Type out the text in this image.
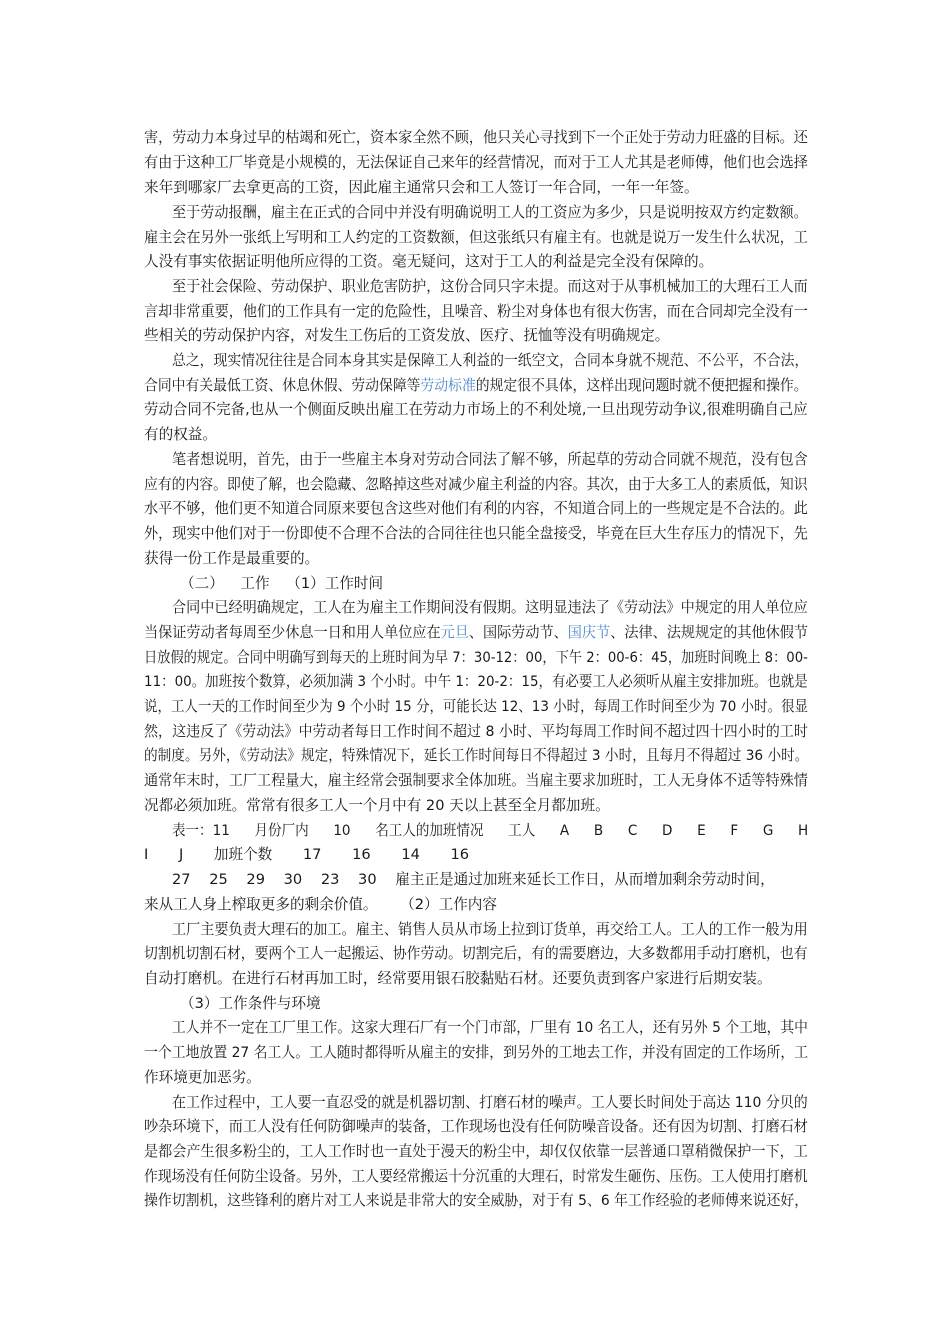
害，劳动力本身过早的枯竭和死亡，资本家全然不顾，他只关心寻找到下一个正处于劳动力旺盛的目标。还
有由于这种工厂毕竟是小规模的，无法保证自己来年的经营情况，而对于工人尤其是老师傅，他们也会选择
来年到哪家厂去拿更高的工资，因此雇主通常只会和工人签订一年合同，一年一年签。
至于劳动报酬，雇主在正式的合同中并没有明确说明工人的工资应为多少，只是说明按双方约定数额。
雇主会在另外一张纸上写明和工人约定的工资数额，但这张纸只有雇主有。也就是说万一发生什么状况，工
人没有事实依据证明他所应得的工资。毫无疑问，这对于工人的利益是完全没有保障的。
至于社会保险、劳动保护、职业危害防护，这份合同只字未提。而这对于从事机械加工的大理石工人而
言却非常重要，他们的工作具有一定的危险性，且噪音、粉尘对身体也有很大伤害，而在合同却完全没有一
些相关的劳动保护内容，对发生工伤后的工资发放、医疗、抚恤等没有明确规定。
总之，现实情况往往是合同本身其实是保障工人利益的一纸空文，合同本身就不规范、不公平，不合法，
合同中有关最低工资、休息休假、劳动保障等劳动标准的规定很不具体，这样出现问题时就不便把握和操作。
劳动合同不完备,也从一个侧面反映出雇工在劳动力市场上的不利处境,一旦出现劳动争议,很难明确自己应
有的权益。
笔者想说明，首先，由于一些雇主本身对劳动合同法了解不够，所起草的劳动合同就不规范，没有包含
应有的内容。即使了解，也会隐藏、忽略掉这些对减少雇主利益的内容。其次，由于大多工人的素质低，知识
水平不够，他们更不知道合同原来要包含这些对他们有利的内容，不知道合同上的一些规定是不合法的。此
外，现实中他们对于一份即使不合理不合法的合同往往也只能全盘接受，毕竟在巨大生存压力的情况下，先
获得一份工作是最重要的。
（二） 工作 （1）工作时间
合同中已经明确规定，工人在为雇主工作期间没有假期。这明显违法了《劳动法》中规定的用人单位应
当保证劳动者每周至少休息一日和用人单位应在元旦、国际劳动节、国庆节、法律、法规规定的其他休假节
日放假的规定。合同中明确写到每天的上班时间为早 7：30-12：00，下午 2：00-6：45，加班时间晚上 8：00-
11：00。加班按个数算，必须加满 3 个小时。中午 1：20-2：15，有必要工人必须听从雇主安排加班。也就是
说，工人一天的工作时间至少为 9 个小时 15 分，可能长达 12、13 小时，每周工作时间至少为 70 小时。很显
然，这违反了《劳动法》中劳动者每日工作时间不超过 8 小时、平均每周工作时间不超过四十四小时的工时
的制度。另外，《劳动法》规定，特殊情况下，延长工作时间每日不得超过 3 小时，且每月不得超过 36 小时。
通常年末时，工厂工程量大，雇主经常会强制要求全体加班。当雇主要求加班时，工人无身体不适等特殊情
况都必须加班。常常有很多工人一个月中有 20 天以上甚至全月都加班。
表一：11 月份厂内 10 名工人的加班情况 工人 A B C D E F G H
I J 加班个数 17 16 14 16
27 25 29 30 23 30 雇主正是通过加班来延长工作日，从而增加剩余劳动时间，
来从工人身上榨取更多的剩余价值。 （2）工作内容
工厂主要负责大理石的加工。雇主、销售人员从市场上拉到订货单，再交给工人。工人的工作一般为用
切割机切割石材，要两个工人一起搬运、协作劳动。切割完后，有的需要磨边，大多数都用手动打磨机，也有
自动打磨机。在进行石材再加工时，经常要用银石胶黏贴石材。还要负责到客户家进行后期安装。
（3）工作条件与环境
工人并不一定在工厂里工作。这家大理石厂有一个门市部，厂里有 10 名工人，还有另外 5 个工地，其中
一个工地放置 27 名工人。工人随时都得听从雇主的安排，到另外的工地去工作，并没有固定的工作场所，工
作环境更加恶劣。
在工作过程中，工人要一直忍受的就是机器切割、打磨石材的噪声。工人要长时间处于高达 110 分贝的
吵杂环境下，而工人没有任何防御噪声的装备，工作现场也没有任何防噪音设备。还有因为切割、打磨石材
是都会产生很多粉尘的，工人工作时也一直处于漫天的粉尘中，却仅仅依靠一层普通口罩稍微保护一下，工
作现场没有任何防尘设备。另外，工人要经常搬运十分沉重的大理石，时常发生砸伤、压伤。工人使用打磨机
操作切割机，这些锋利的磨片对工人来说是非常大的安全威胁，对于有 5、6 年工作经验的老师傅来说还好，
